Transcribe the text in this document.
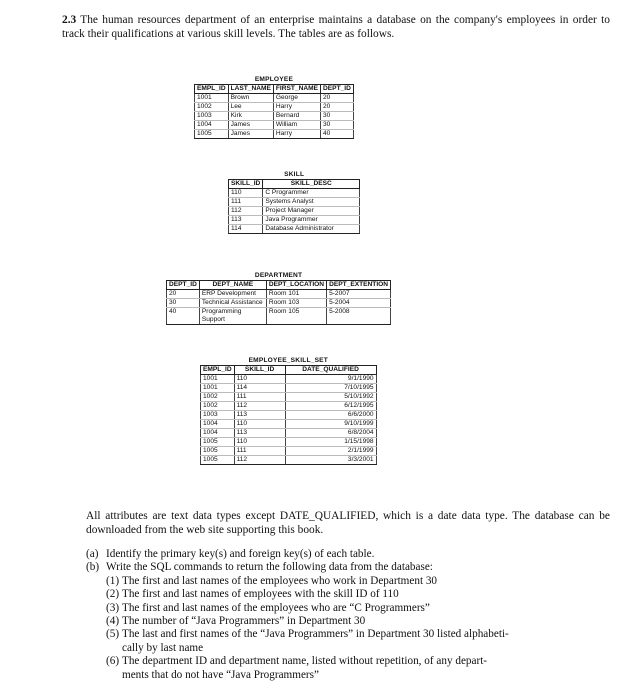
2.3 The human resources department of an enterprise maintains a database on the company's employees in order to track their qualifications at various skill levels. The tables are as follows.
EMPLOYEE
EMPL_ID	LAST_NAME	FIRST_NAME	DEPT_ID
1001	Brown	George	20
1002	Lee	Harry	20
1003	Kirk	Bernard	30
1004	James	William	30
1005	James	Harry	40
SKILL
SKILL_ID	SKILL_DESC
110	C Programmer
111	Systems Analyst
112	Project Manager
113	Java Programmer
114	Database Administrator
DEPARTMENT
DEPT_ID	DEPT_NAME	DEPT_LOCATION	DEPT_EXTENTION
20	ERP Development	Room 101	5-2007
30	Technical Assistance	Room 103	5-2004
40	Programming Support	Room 105	5-2008
EMPLOYEE_SKILL_SET
EMPL_ID	SKILL_ID	DATE_QUALIFIED
1001	110	9/1/1990
1001	114	7/10/1995
1002	111	5/10/1992
1002	112	6/12/1995
1003	113	6/6/2000
1004	110	9/10/1999
1004	113	6/8/2004
1005	110	1/15/1998
1005	111	2/1/1999
1005	112	3/3/2001
All attributes are text data types except DATE_QUALIFIED, which is a date data type. The database can be downloaded from the web site supporting this book.
(a) Identify the primary key(s) and foreign key(s) of each table.
(b) Write the SQL commands to return the following data from the database:
(1) The first and last names of the employees who work in Department 30
(2) The first and last names of employees with the skill ID of 110
(3) The first and last names of the employees who are “C Programmers”
(4) The number of “Java Programmers” in Department 30
(5) The last and first names of the “Java Programmers” in Department 30 listed alphabeti-
cally by last name
(6) The department ID and department name, listed without repetition, of any depart-
ments that do not have “Java Programmers”
